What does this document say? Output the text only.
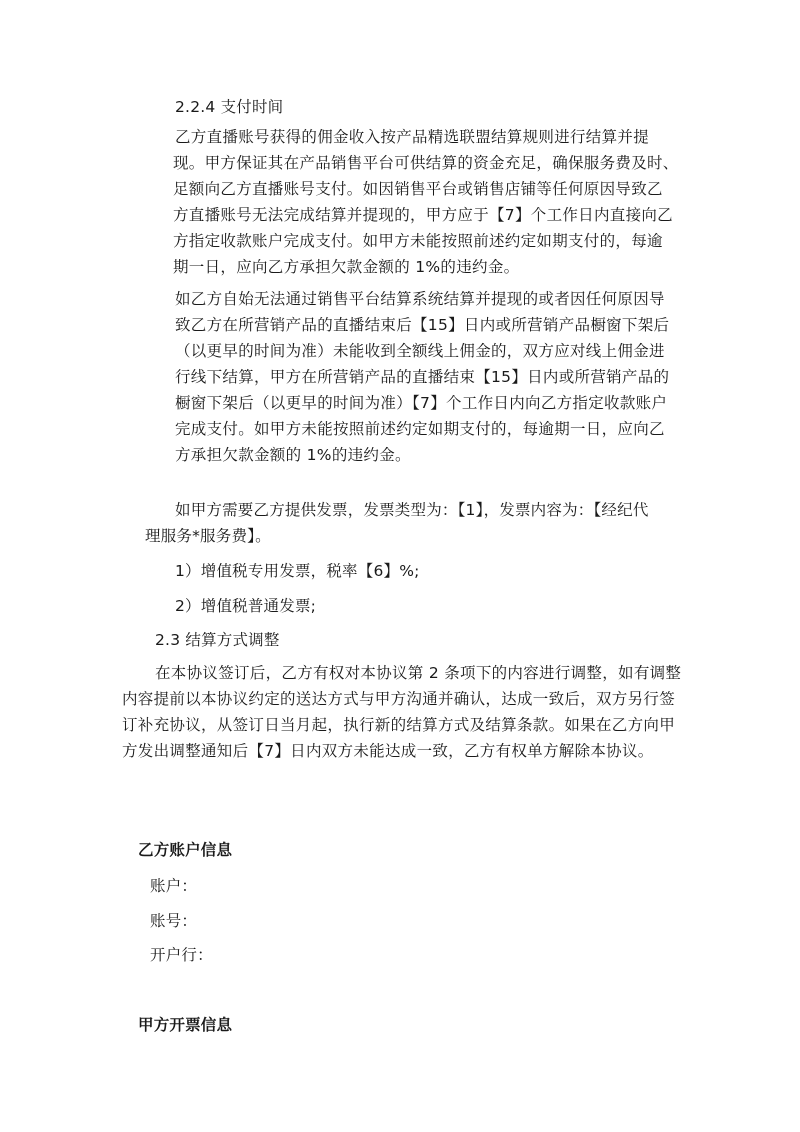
2.2.4 支付时间
乙方直播账号获得的佣金收入按产品精选联盟结算规则进行结算并提
现。甲方保证其在产品销售平台可供结算的资金充足，确保服务费及时、
足额向乙方直播账号支付。如因销售平台或销售店铺等任何原因导致乙
方直播账号无法完成结算并提现的，甲方应于【7】个工作日内直接向乙
方指定收款账户完成支付。如甲方未能按照前述约定如期支付的，每逾
期一日，应向乙方承担欠款金额的 1%的违约金。
如乙方自始无法通过销售平台结算系统结算并提现的或者因任何原因导
致乙方在所营销产品的直播结束后【15】日内或所营销产品橱窗下架后
（以更早的时间为准）未能收到全额线上佣金的，双方应对线上佣金进
行线下结算，甲方在所营销产品的直播结束【15】日内或所营销产品的
橱窗下架后（以更早的时间为准）【7】个工作日内向乙方指定收款账户
完成支付。如甲方未能按照前述约定如期支付的，每逾期一日，应向乙
方承担欠款金额的 1%的违约金。
如甲方需要乙方提供发票，发票类型为：【1】，发票内容为：【经纪代
理服务*服务费】。
1）增值税专用发票，税率【6】%;
2）增值税普通发票;
2.3 结算方式调整
在本协议签订后，乙方有权对本协议第 2 条项下的内容进行调整，如有调整
内容提前以本协议约定的送达方式与甲方沟通并确认，达成一致后，双方另行签
订补充协议，从签订日当月起，执行新的结算方式及结算条款。如果在乙方向甲
方发出调整通知后【7】日内双方未能达成一致，乙方有权单方解除本协议。
乙方账户信息
账户：
账号：
开户行：
甲方开票信息
